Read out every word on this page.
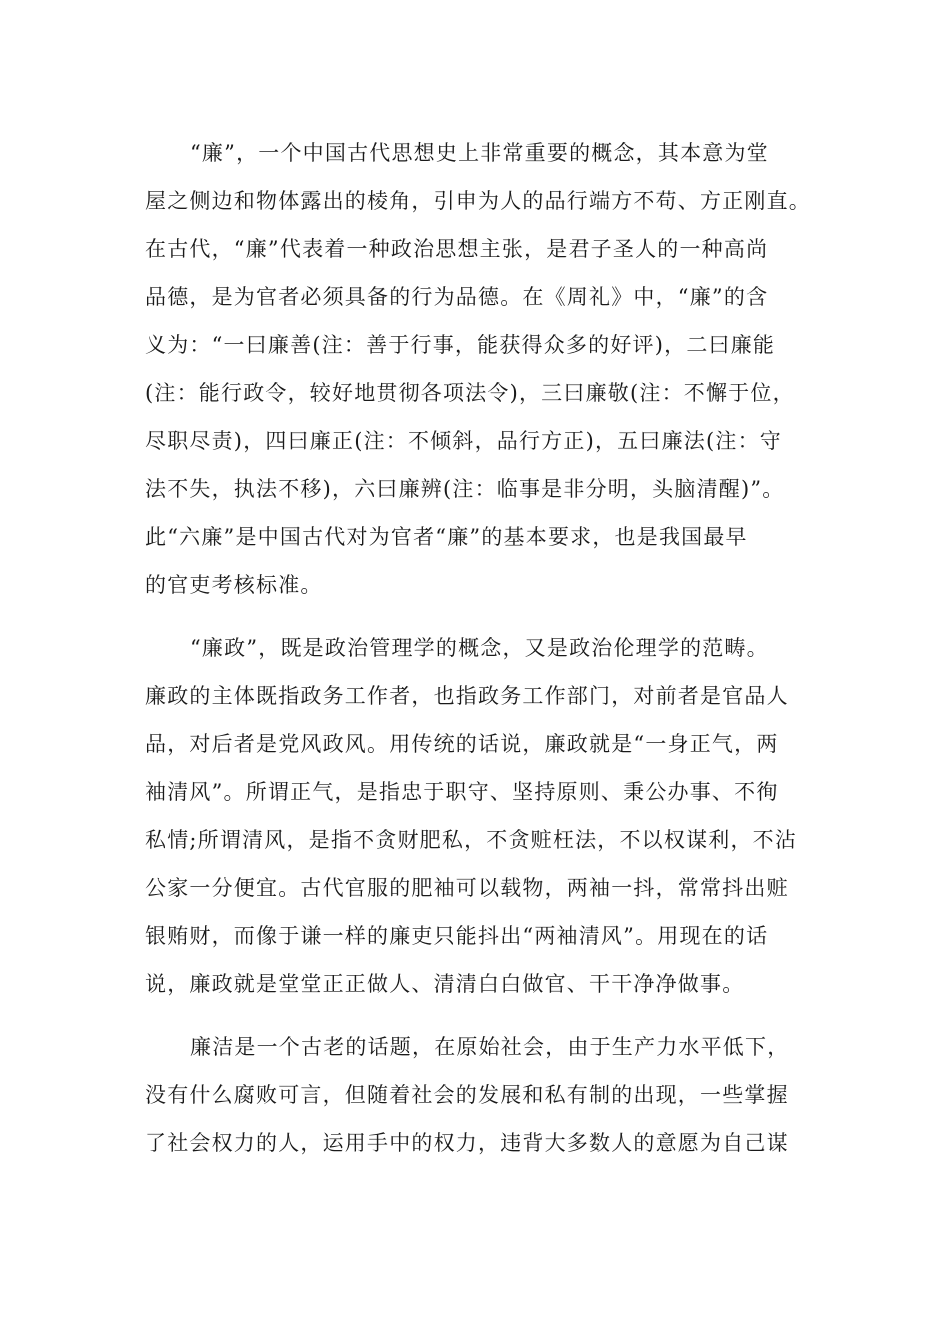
“廉”，一个中国古代思想史上非常重要的概念，其本意为堂
屋之侧边和物体露出的棱角，引申为人的品行端方不苟、方正刚直。
在古代，“廉”代表着一种政治思想主张，是君子圣人的一种高尚
品德，是为官者必须具备的行为品德。在《周礼》中，“廉”的含
义为：“一曰廉善(注：善于行事，能获得众多的好评)，二曰廉能
(注：能行政令，较好地贯彻各项法令)，三曰廉敬(注：不懈于位，
尽职尽责)，四曰廉正(注：不倾斜，品行方正)，五曰廉法(注：守
法不失，执法不移)，六曰廉辨(注：临事是非分明，头脑清醒)”。
此“六廉”是中国古代对为官者“廉”的基本要求，也是我国最早
的官吏考核标准。
“廉政”，既是政治管理学的概念，又是政治伦理学的范畴。
廉政的主体既指政务工作者，也指政务工作部门，对前者是官品人
品，对后者是党风政风。用传统的话说，廉政就是“一身正气，两
袖清风”。所谓正气，是指忠于职守、坚持原则、秉公办事、不徇
私情;所谓清风，是指不贪财肥私，不贪赃枉法，不以权谋利，不沾
公家一分便宜。古代官服的肥袖可以载物，两袖一抖，常常抖出赃
银贿财，而像于谦一样的廉吏只能抖出“两袖清风”。用现在的话
说，廉政就是堂堂正正做人、清清白白做官、干干净净做事。
廉洁是一个古老的话题，在原始社会，由于生产力水平低下，
没有什么腐败可言，但随着社会的发展和私有制的出现，一些掌握
了社会权力的人，运用手中的权力，违背大多数人的意愿为自己谋
